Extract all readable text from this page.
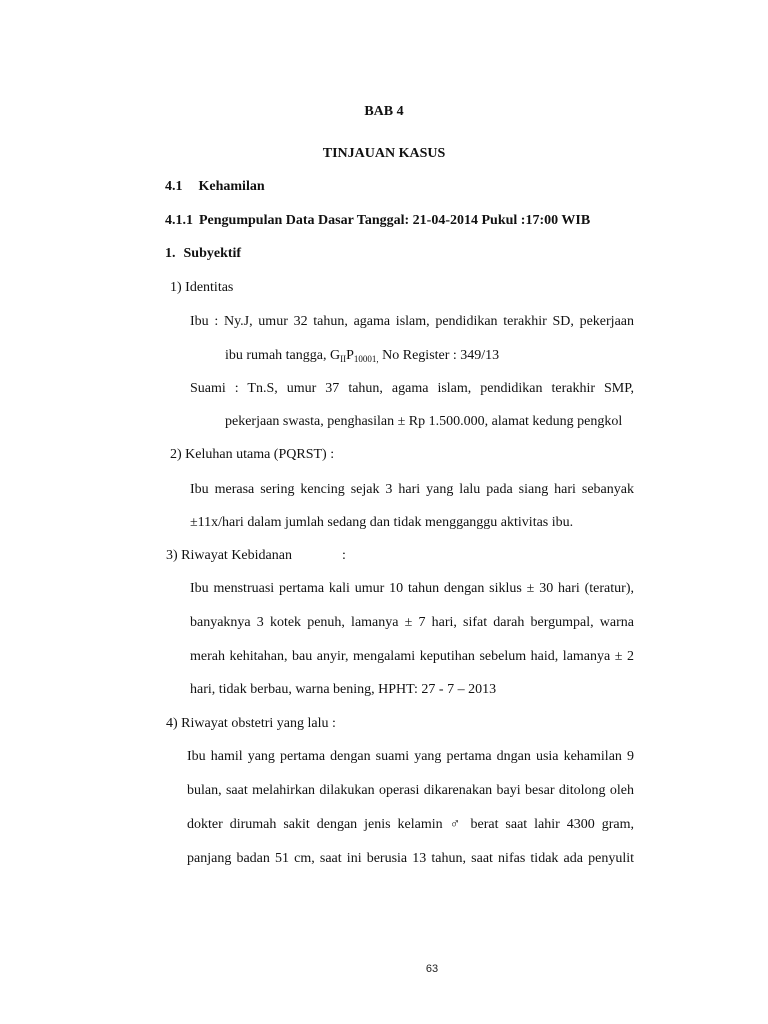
BAB 4
TINJAUAN KASUS
4.1 Kehamilan
4.1.1 Pengumpulan Data Dasar Tanggal: 21-04-2014 Pukul :17:00 WIB
1. Subyektif
1) Identitas
Ibu : Ny.J, umur 32 tahun, agama islam, pendidikan terakhir SD, pekerjaan
ibu rumah tangga, $G_{II}P_{10001,}$ No Register : 349/13
Suami : Tn.S, umur 37 tahun, agama islam, pendidikan terakhir SMP,
pekerjaan swasta, penghasilan ± Rp 1.500.000, alamat kedung pengkol
2) Keluhan utama (PQRST) :
Ibu merasa sering kencing sejak 3 hari yang lalu pada siang hari sebanyak
±11x/hari dalam jumlah sedang dan tidak mengganggu aktivitas ibu.
3) Riwayat Kebidanan	:
Ibu menstruasi pertama kali umur 10 tahun dengan siklus ± 30 hari (teratur),
banyaknya 3 kotek penuh, lamanya ± 7 hari, sifat darah bergumpal, warna
merah kehitahan, bau anyir, mengalami keputihan sebelum haid, lamanya ± 2
hari, tidak berbau, warna bening, HPHT: 27 - 7 – 2013
4) Riwayat obstetri yang lalu :
Ibu hamil yang pertama dengan suami yang pertama dngan usia kehamilan 9
bulan, saat melahirkan dilakukan operasi dikarenakan bayi besar ditolong oleh
dokter dirumah sakit dengan jenis kelamin ♂ berat saat lahir 4300 gram,
panjang badan 51 cm, saat ini berusia 13 tahun, saat nifas tidak ada penyulit
63
